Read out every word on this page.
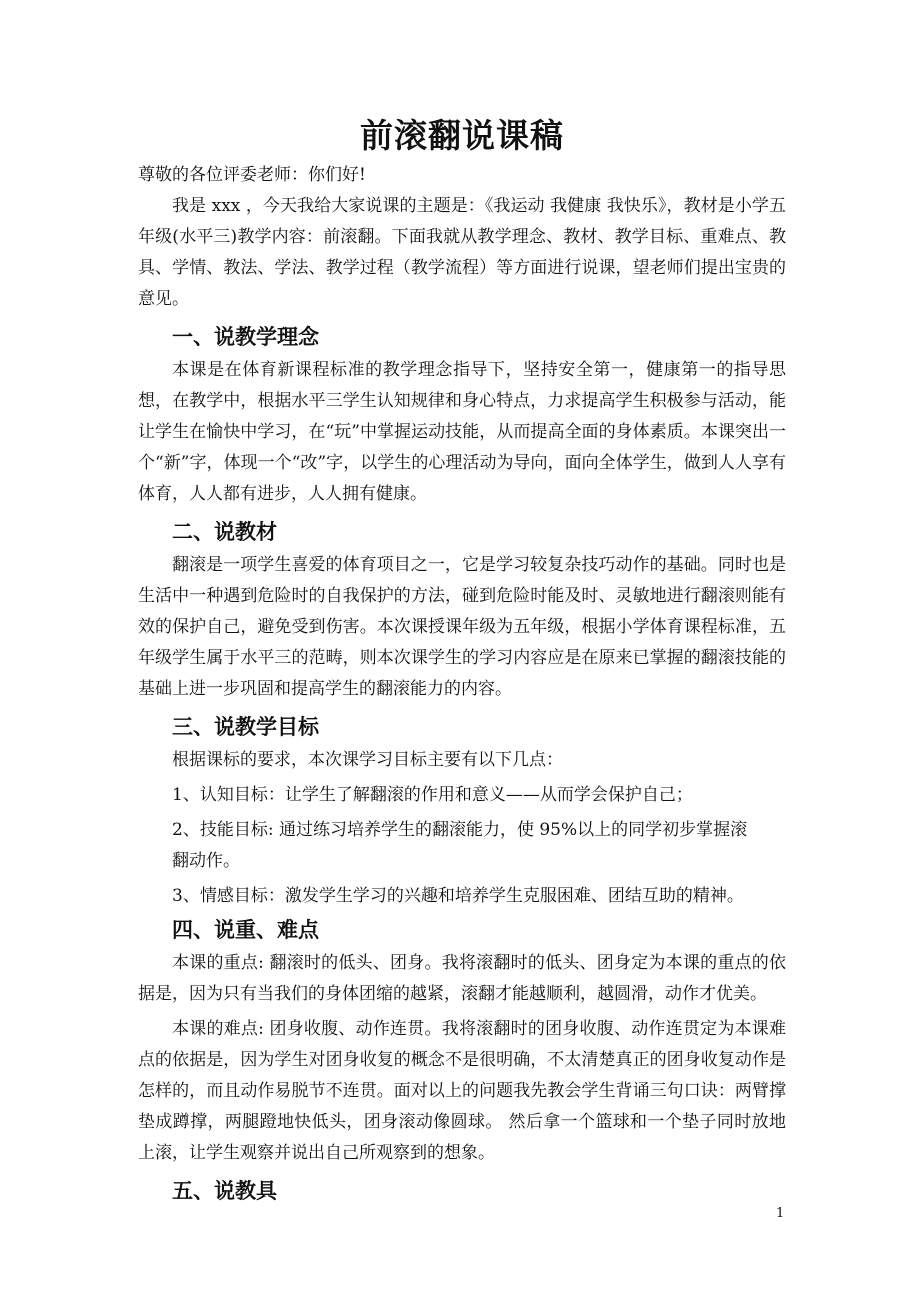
前滚翻说课稿

尊敬的各位评委老师：你们好!

我是 xxx ，今天我给大家说课的主题是：《我运动 我健康 我快乐》，教材是小学五年级(水平三)教学内容：前滚翻。下面我就从教学理念、教材、教学目标、重难点、教具、学情、教法、学法、教学过程（教学流程）等方面进行说课，望老师们提出宝贵的意见。

一、说教学理念

本课是在体育新课程标准的教学理念指导下，坚持安全第一，健康第一的指导思想，在教学中，根据水平三学生认知规律和身心特点，力求提高学生积极参与活动，能让学生在愉快中学习，在“玩”中掌握运动技能，从而提高全面的身体素质。本课突出一个“新”字，体现一个“改”字，以学生的心理活动为导向，面向全体学生，做到人人享有体育，人人都有进步，人人拥有健康。

二、说教材

翻滚是一项学生喜爱的体育项目之一，它是学习较复杂技巧动作的基础。同时也是生活中一种遇到危险时的自我保护的方法，碰到危险时能及时、灵敏地进行翻滚则能有效的保护自己，避免受到伤害。本次课授课年级为五年级，根据小学体育课程标准，五年级学生属于水平三的范畴，则本次课学生的学习内容应是在原来已掌握的翻滚技能的基础上进一步巩固和提高学生的翻滚能力的内容。

三、说教学目标

根据课标的要求，本次课学习目标主要有以下几点：

1、认知目标：让学生了解翻滚的作用和意义——从而学会保护自己；

2、技能目标: 通过练习培养学生的翻滚能力，使 95%以上的同学初步掌握滚

翻动作。

3、情感目标：激发学生学习的兴趣和培养学生克服困难、团结互助的精神。

四、说重、难点

本课的重点: 翻滚时的低头、团身。我将滚翻时的低头、团身定为本课的重点的依据是，因为只有当我们的身体团缩的越紧，滚翻才能越顺利，越圆滑，动作才优美。

本课的难点: 团身收腹、动作连贯。我将滚翻时的团身收腹、动作连贯定为本课难点的依据是，因为学生对团身收复的概念不是很明确，不太清楚真正的团身收复动作是怎样的，而且动作易脱节不连贯。面对以上的问题我先教会学生背诵三句口诀：两臂撑垫成蹲撑，两腿蹬地快低头，团身滚动像圆球。 然后拿一个篮球和一个垫子同时放地上滚，让学生观察并说出自己所观察到的想象。

五、说教具
1
